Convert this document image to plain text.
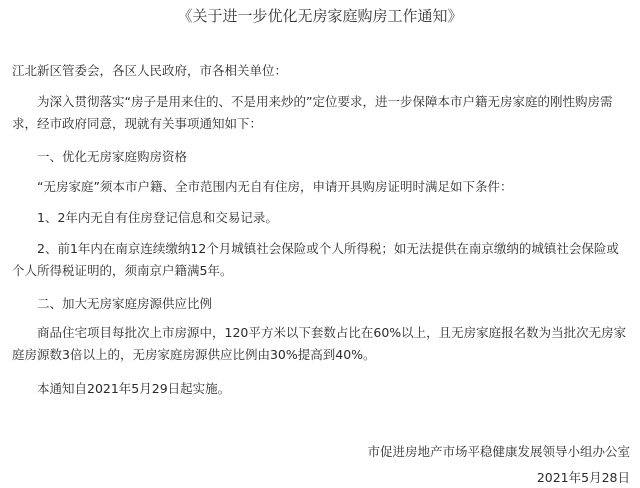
《关于进一步优化无房家庭购房工作通知》
江北新区管委会，各区人民政府，市各相关单位：
为深入贯彻落实“房子是用来住的、不是用来炒的”定位要求，进一步保障本市户籍无房家庭的刚性购房需求，经市政府同意，现就有关事项通知如下：
一、优化无房家庭购房资格
“无房家庭”须本市户籍、全市范围内无自有住房，申请开具购房证明时满足如下条件：
1、2年内无自有住房登记信息和交易记录。
2、前1年内在南京连续缴纳12个月城镇社会保险或个人所得税；如无法提供在南京缴纳的城镇社会保险或个人所得税证明的，须南京户籍满5年。
二、加大无房家庭房源供应比例
商品住宅项目每批次上市房源中，120平方米以下套数占比在60%以上，且无房家庭报名数为当批次无房家庭房源数3倍以上的，无房家庭房源供应比例由30%提高到40%。
本通知自2021年5月29日起实施。
市促进房地产市场平稳健康发展领导小组办公室
2021年5月28日
